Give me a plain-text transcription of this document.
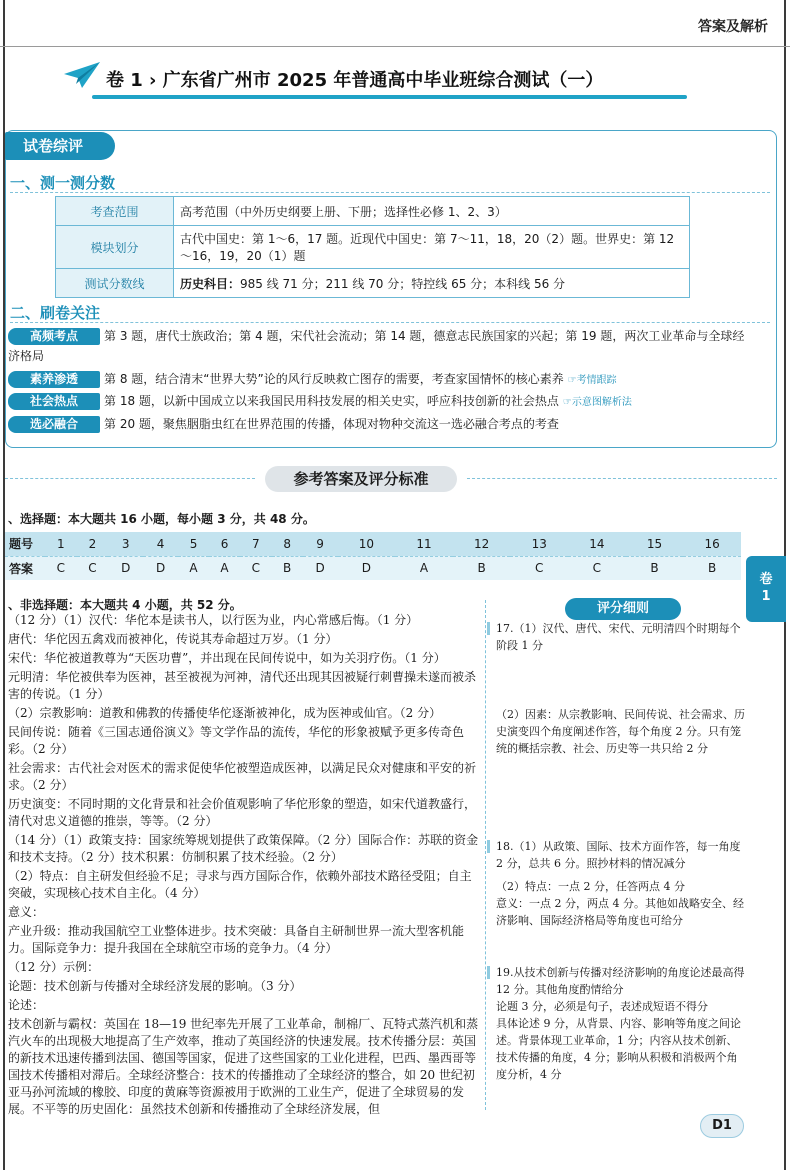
答案及解析
卷 1 › 广东省广州市 2025 年普通高中毕业班综合测试（一）
试卷综评
一、测一测分数
考查范围	高考范围（中外历史纲要上册、下册；选择性必修 1、2、3）
模块划分	古代中国史：第 1～6，17 题。近现代中国史：第 7～11，18，20（2）题。世界史：第 12～16，19，20（1）题
测试分数线	历史科目：985 线 71 分；211 线 70 分；特控线 65 分；本科线 56 分
二、刷卷关注
高频考点 第 3 题，唐代士族政治；第 4 题，宋代社会流动；第 14 题，德意志民族国家的兴起；第 19 题，两次工业革命与全球经
济格局
素养渗透 第 8 题，结合清末“世界大势”论的风行反映救亡图存的需要，考查家国情怀的核心素养 ☞考情跟踪
社会热点 第 18 题，以新中国成立以来我国民用科技发展的相关史实，呼应科技创新的社会热点 ☞示意图解析法
选必融合 第 20 题，聚焦胭脂虫红在世界范围的传播，体现对物种交流这一选必融合考点的考查
参考答案及评分标准
、选择题：本大题共 16 小题，每小题 3 分，共 48 分。
题号	1	2	3	4	5	6	7	8	9	10	11	12	13	14	15	16
答案	C	C	D	D	A	A	C	B	D	D	A	B	C	C	B	B
卷
1
、非选择题：本大题共 4 小题，共 52 分。

（12 分）（1）汉代：华佗本是读书人，以行医为业，内心常感后悔。（1 分）

唐代：华佗因五禽戏而被神化，传说其寿命超过万岁。（1 分）

宋代：华佗被道教尊为“天医功曹”，并出现在民间传说中，如为关羽疗伤。（1 分）

元明清：华佗被供奉为医神，甚至被视为河神，清代还出现其因被疑行刺曹操未遂而被杀害的传说。（1 分）

（2）宗教影响：道教和佛教的传播使华佗逐渐被神化，成为医神或仙官。（2 分）

民间传说：随着《三国志通俗演义》等文学作品的流传，华佗的形象被赋予更多传奇色彩。（2 分）

社会需求：古代社会对医术的需求促使华佗被塑造成医神，以满足民众对健康和平安的祈求。（2 分）

历史演变：不同时期的文化背景和社会价值观影响了华佗形象的塑造，如宋代道教盛行，清代对忠义道德的推崇，等等。（2 分）

（14 分）（1）政策支持：国家统筹规划提供了政策保障。（2 分）国际合作：苏联的资金和技术支持。（2 分）技术积累：仿制积累了技术经验。（2 分）

（2）特点：自主研发但经验不足；寻求与西方国际合作，依赖外部技术路径受阻；自主突破，实现核心技术自主化。（4 分）

意义：

产业升级：推动我国航空工业整体进步。技术突破：具备自主研制世界一流大型客机能力。国际竞争力：提升我国在全球航空市场的竞争力。（4 分）

（12 分）示例：

论题：技术创新与传播对全球经济发展的影响。（3 分）

论述：

技术创新与霸权：英国在 18—19 世纪率先开展了工业革命，制棉厂、瓦特式蒸汽机和蒸汽火车的出现极大地提高了生产效率，推动了英国经济的快速发展。技术传播分层：英国的新技术迅速传播到法国、德国等国家，促进了这些国家的工业化进程，巴西、墨西哥等国技术传播相对滞后。全球经济整合：技术的传播推动了全球经济的整合，如 20 世纪初亚马孙河流域的橡胶、印度的黄麻等资源被用于欧洲的工业生产，促进了全球贸易的发展。不平等的历史固化：虽然技术创新和传播推动了全球经济发展，但

评分细则
17.（1）汉代、唐代、宋代、元明清四个时期每个阶段 1 分
（2）因素：从宗教影响、民间传说、社会需求、历史演变四个角度阐述作答，每个角度 2 分。只有笼统的概括宗教、社会、历史等一共只给 2 分
18.（1）从政策、国际、技术方面作答，每一角度 2 分，总共 6 分。照抄材料的情况减分
（2）特点：一点 2 分，任答两点 4 分
意义：一点 2 分，两点 4 分。其他如战略安全、经济影响、国际经济格局等角度也可给分
19.从技术创新与传播对经济影响的角度论述最高得 12 分。其他角度酌情给分
论题 3 分，必须是句子，表述成短语不得分
具体论述 9 分，从背景、内容、影响等角度之间论述。背景体现工业革命，1 分；内容从技术创新、技术传播的角度，4 分；影响从积极和消极两个角度分析，4 分
D1
